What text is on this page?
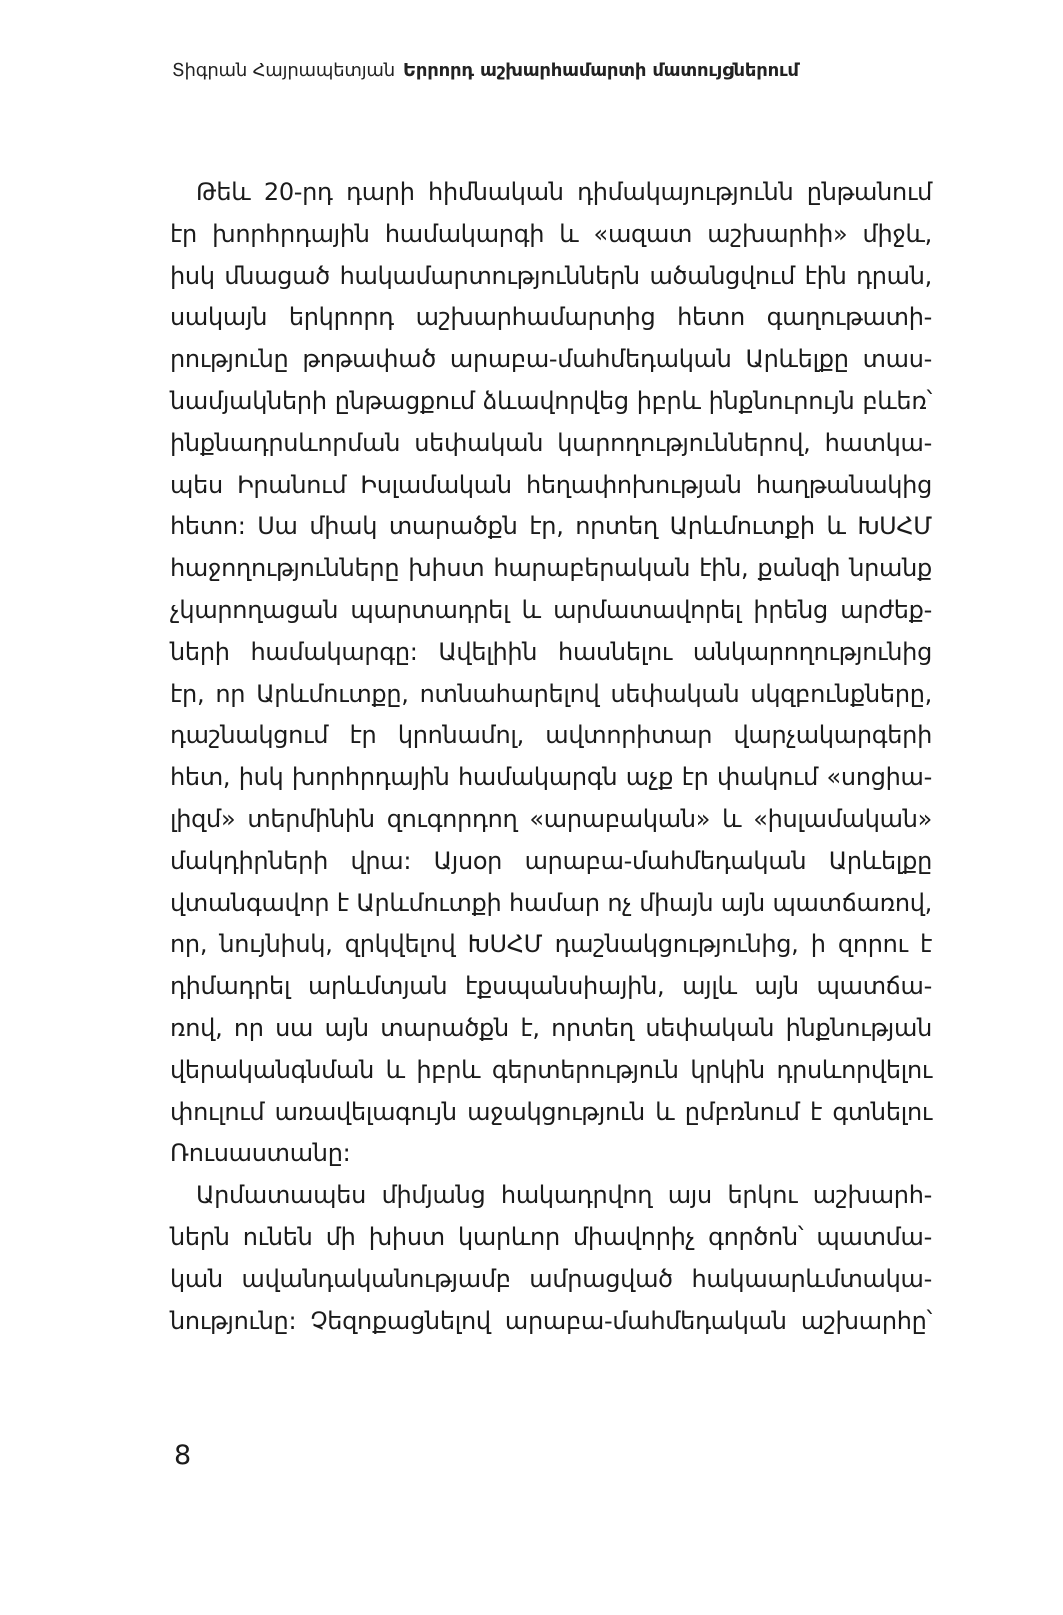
Տիգրան Հայրապետյան Երրորդ աշխարհամարտի մատույցներում
Թեև 20-րդ դարի հիմնական դիմակայությունն ընթանում
էր խորհրդային համակարգի և «ազատ աշխարհի» միջև,
իսկ մնացած հակամարտություններն ածանցվում էին դրան,
սակայն երկրորդ աշխարհամարտից հետո գաղութատի-
րությունը թոթափած արաբա-մահմեդական Արևելքը տաս-
նամյակների ընթացքում ձևավորվեց իբրև ինքնուրույն բևեռ՝
ինքնադրսևորման սեփական կարողություններով, հատկա-
պես Իրանում Իսլամական հեղափոխության հաղթանակից
հետո: Սա միակ տարածքն էր, որտեղ Արևմուտքի և ԽՍՀՄ
հաջողությունները խիստ հարաբերական էին, քանզի նրանք
չկարողացան պարտադրել և արմատավորել իրենց արժեք-
ների համակարգը: Ավելիին հասնելու անկարողությունից
էր, որ Արևմուտքը, ոտնահարելով սեփական սկզբունքները,
դաշնակցում էր կրոնամոլ, ավտորիտար վարչակարգերի
հետ, իսկ խորհրդային համակարգն աչք էր փակում «սոցիա-
լիզմ» տերմինին զուգորդող «արաբական» և «իսլամական»
մակդիրների վրա: Այսօր արաբա-մահմեդական Արևելքը
վտանգավոր է Արևմուտքի համար ոչ միայն այն պատճառով,
որ, նույնիսկ, զրկվելով ԽՍՀՄ դաշնակցությունից, ի զորու է
դիմադրել արևմտյան էքսպանսիային, այլև այն պատճա-
ռով, որ սա այն տարածքն է, որտեղ սեփական ինքնության
վերականգնման և իբրև գերտերություն կրկին դրսևորվելու
փուլում առավելագույն աջակցություն և ըմբռնում է գտնելու
Ռուսաստանը:
Արմատապես միմյանց հակադրվող այս երկու աշխարհ-
ներն ունեն մի խիստ կարևոր միավորիչ գործոն՝ պատմա-
կան ավանդականությամբ ամրացված հակաարևմտակա-
նությունը: Չեզոքացնելով արաբա-մահմեդական աշխարհը՝
8
